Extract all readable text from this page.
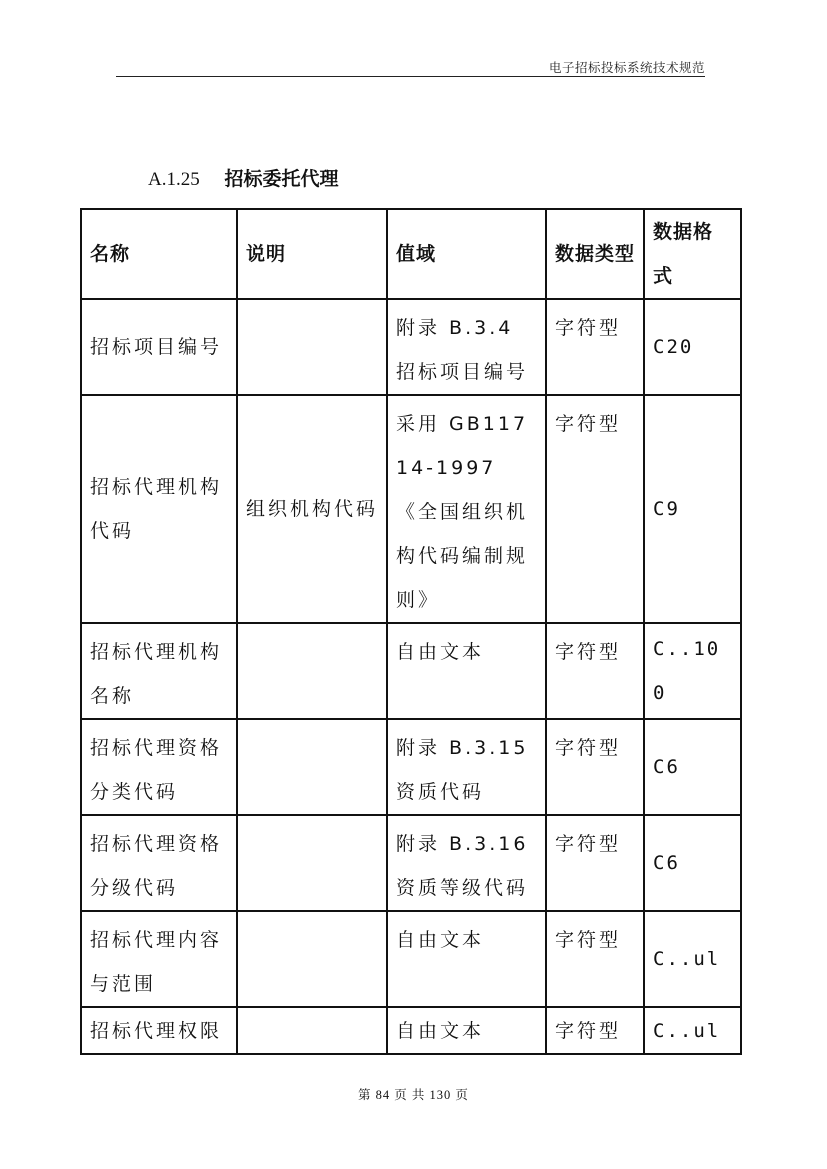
电子招标投标系统技术规范
A.1.25 招标委托代理
名称	说明	值域	数据类型	数据格式
招标项目编号		附录 B.3.4 招标项目编号	字符型	C20
招标代理机构代码	组织机构代码	采用 GB11714-1997《全国组织机构代码编制规则》	字符型	C9
招标代理机构名称		自由文本	字符型	C..100
招标代理资格分类代码		附录 B.3.15 资质代码	字符型	C6
招标代理资格分级代码		附录 B.3.16 资质等级代码	字符型	C6
招标代理内容与范围		自由文本	字符型	C..ul
招标代理权限		自由文本	字符型	C..ul
第 84 页 共 130 页
